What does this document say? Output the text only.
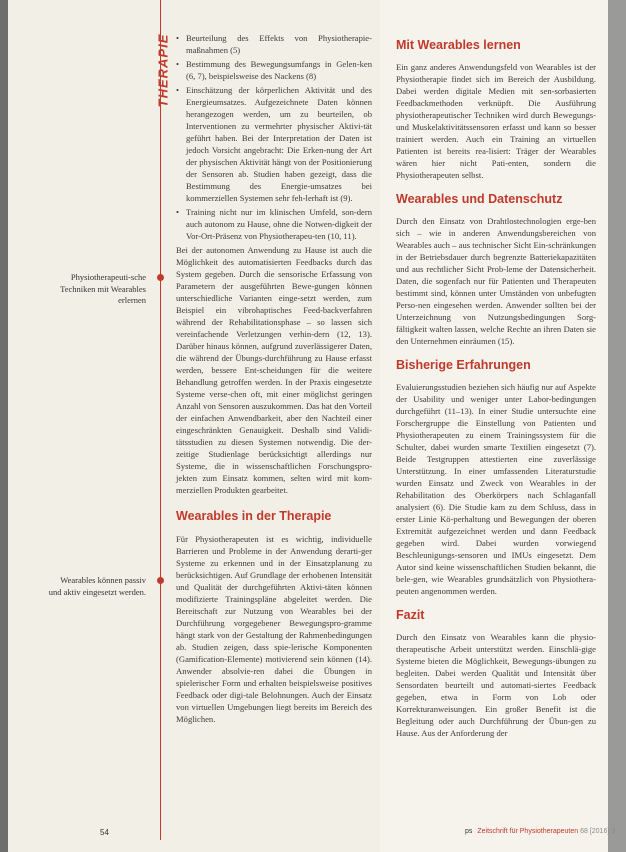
THERAPIE
Physiotherapeuti-sche Techniken mit Wearables erlernen
Wearables können passiv und aktiv eingesetzt werden.
• Beurteilung des Effekts von Physiotherapie-maßnahmen (5)
• Bestimmung des Bewegungsumfangs in Gelen-ken (6, 7), beispielsweise des Nackens (8)
• Einschätzung der körperlichen Aktivität und des Energieumsatzes. Aufgezeichnete Daten können herangezogen werden, um zu beurteilen, ob Interventionen zu vermehrter physischer Aktivi-tät geführt haben. Bei der Interpretation der Daten ist jedoch Vorsicht angebracht: Die Erken-nung der Art der physischen Aktivität hängt von der Positionierung der Sensoren ab. Studien haben gezeigt, dass die Bestimmung des Energie-umsatzes bei kommerziellen Systemen sehr feh-lerhaft ist (9).
• Training nicht nur im klinischen Umfeld, son-dern auch autonom zu Hause, ohne die Notwen-digkeit der Vor-Ort-Präsenz von Physiotherapeu-ten (10, 11).

Bei der autonomen Anwendung zu Hause ist auch die Möglichkeit des automatisierten Feedbacks durch das System gegeben. Durch die sensorische Erfassung von Parametern der ausgeführten Bewe-gungen können unterschiedliche Varianten einge-setzt werden, zum Beispiel ein vibrohaptisches Feed-backverfahren während der Rehabilitationsphase – so lassen sich vereinfachende Verletzungen verhin-dern (12, 13). Darüber hinaus können, aufgrund zuverlässigerer Daten, die während der Übungs-durchführung zu Hause erfasst werden, bessere Ent-scheidungen für die weitere Behandlung getroffen werden. In der Praxis eingesetzte Systeme verse-chen oft, mit einer möglichst geringen Anzahl von Sensoren auszukommen. Das hat den Vorteil der einfachen Anwendbarkeit, aber den Nachteil einer eingeschränkten Genauigkeit. Deshalb sind Validi-tätsstudien zu diesen Systemen notwendig. Die der-zeitige Studienlage berücksichtigt allerdings nur Systeme, die in wissenschaftlichen Forschungspro-jekten zum Einsatz kommen, selten wird mit kom-merziellen Produkten gearbeitet.

Wearables in der Therapie

Für Physiotherapeuten ist es wichtig, individuelle Barrieren und Probleme in der Anwendung derarti-ger Systeme zu erkennen und in der Einsatzplanung zu berücksichtigen. Auf Grundlage der erhobenen Intensität und Qualität der durchgeführten Aktivi-täten können modifizierte Trainingspläne abgeleitet werden. Die Bereitschaft zur Nutzung von Wearables bei der Durchführung vorgegebener Bewegungspro-gramme hängt stark von der Gestaltung der Rahmenbedingungen ab. Studien zeigen, dass spie-lerische Komponenten (Gamification-Elemente) motivierend sein können (14). Anwender absolvie-ren dabei die Übungen in spielerischer Form und erhalten beispielsweise positives Feedback oder digi-tale Belohnungen. Auch der Einsatz von virtuellen Umgebungen liegt bereits im Bereich des Möglichen.

Mit Wearables lernen

Ein ganz anderes Anwendungsfeld von Wearables ist der Physiotherapie findet sich im Bereich der Ausbildung. Dabei werden digitale Medien mit sen-sorbasierten Feedbackmethoden verknüpft. Die Ausführung physiotherapeutischer Techniken wird durch Bewegungs- und Muskelaktivitätssensoren erfasst und kann so besser trainiert werden. Auch ein Training an virtuellen Patienten ist bereits rea-lisiert: Träger der Wearables wären hier nicht Pati-enten, sondern die Physiotherapeuten selbst.

Wearables und Datenschutz

Durch den Einsatz von Drahtlostechnologien erge-ben sich – wie in anderen Anwendungsbereichen von Wearables auch – aus technischer Sicht Ein-schränkungen in der Betriebsdauer durch begrenzte Batteriekapazitäten und aus rechtlicher Sicht Prob-leme der Datensicherheit. Daten, die sogenfach nur für Patienten und Therapeuten bestimmt sind, können unter Umständen von unbefugten Perso-nen eingesehen werden. Anwender sollten bei der Unterzeichnung von Nutzungsbedingungen Sorg-fältigkeit walten lassen, welche Rechte an ihren Daten sie den Unternehmen einräumen (15).

Bisherige Erfahrungen

Evaluierungsstudien beziehen sich häufig nur auf Aspekte der Usability und weniger unter Labor-bedingungen durchgeführt (11–13). In einer Studie untersuchte eine Forschergruppe die Einstellung von Patienten und Physiotherapeuten zu einem Trainingssystem für die Schulter, dabei wurden smarte Textilien eingesetzt (7). Beide Testgruppen attestierten eine zuverlässige Unterstützung. In einer umfassenden Literaturstudie wurden Einsatz und Zweck von Wearables in der Rehabilitation des Oberkörpers nach Schlaganfall analysiert (6). Die Studie kam zu dem Schluss, dass in erster Linie Kö-perhaltung und Bewegungen der oberen Extremität aufgezeichnet werden und dann Feedback gegeben wird. Dabei wurden vorwiegend Beschleunigungs-sensoren und IMUs eingesetzt. Dem Autor sind keine wissenschaftlichen Studien bekannt, die bele-gen, wie Wearables grundsätzlich von Physiothera-peuten angenommen werden.

Fazit

Durch den Einsatz von Wearables kann die physio-therapeutische Arbeit unterstützt werden. Einschlä-gige Systeme bieten die Möglichkeit, Bewegungs-übungen zu begleiten. Dabei werden Qualität und Intensität über Sensordaten beurteilt und automati-siertes Feedback gegeben, etwa in Form von Lob oder Korrekturanweisungen. Ein großer Benefit ist die Begleitung oder auch Durchführung der Übun-gen zu Hause. Aus der Anforderung der

54	ps Zeitschrift für Physiotherapeuten 68 [2016] 3
